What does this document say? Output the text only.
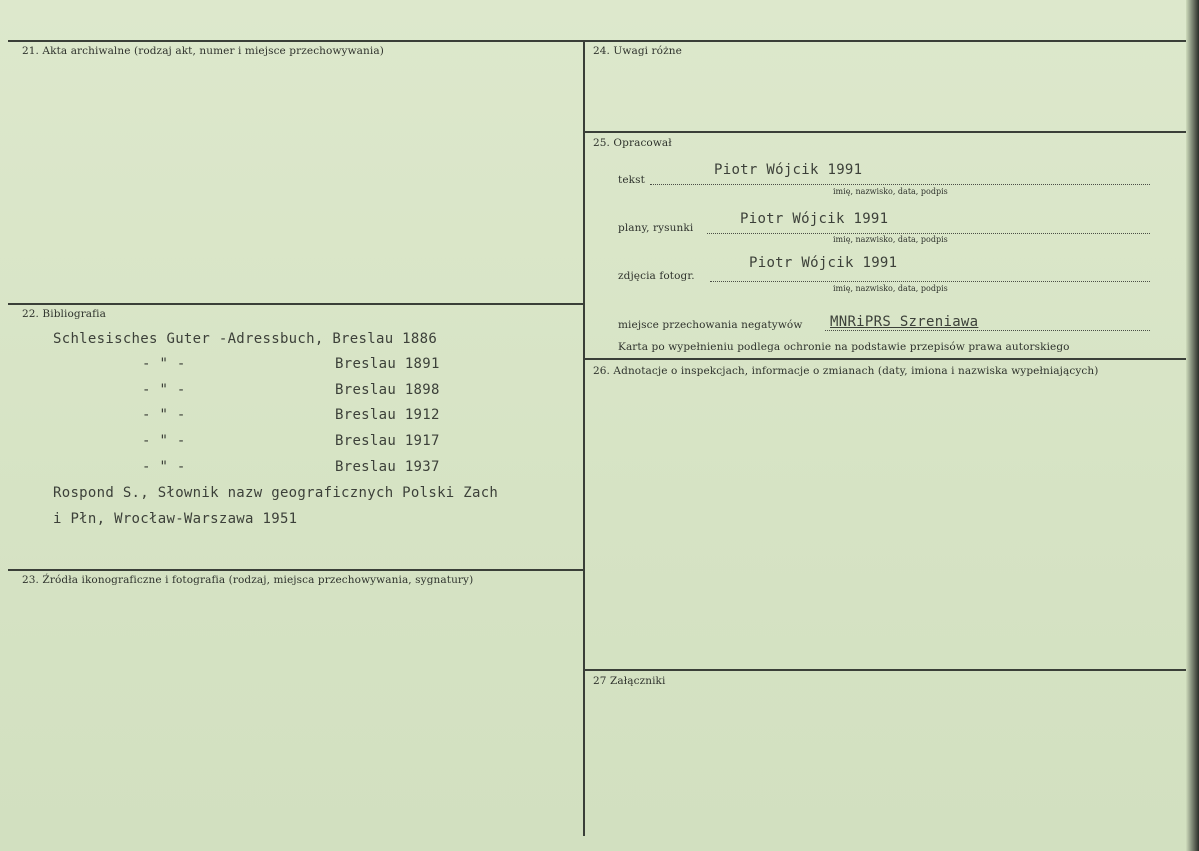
21. Akta archiwalne (rodzaj akt, numer i miejsce przechowywania)
22. Bibliografia
Schlesisches Guter -Adressbuch, Breslau 1886
- " -	Breslau 1891
- " -	Breslau 1898
- " -	Breslau 1912
- " -	Breslau 1917
- " -	Breslau 1937
Rospond S., Słownik nazw geograficznych Polski Zach
i Płn, Wrocław-Warszawa 1951
23. Źródła ikonograficzne i fotografia (rodzaj, miejsca przechowywania, sygnatury)
24. Uwagi różne
25. Opracował
tekst
Piotr Wójcik 1991
imię, nazwisko, data, podpis
plany, rysunki
Piotr Wójcik 1991
imię, nazwisko, data, podpis
zdjęcia fotogr.
Piotr Wójcik 1991
imię, nazwisko, data, podpis
miejsce przechowania negatywów MNRiPRS Szreniawa
Karta po wypełnieniu podlega ochronie na podstawie przepisów prawa autorskiego
26. Adnotacje o inspekcjach, informacje o zmianach (daty, imiona i nazwiska wypełniających)
27 Załączniki
